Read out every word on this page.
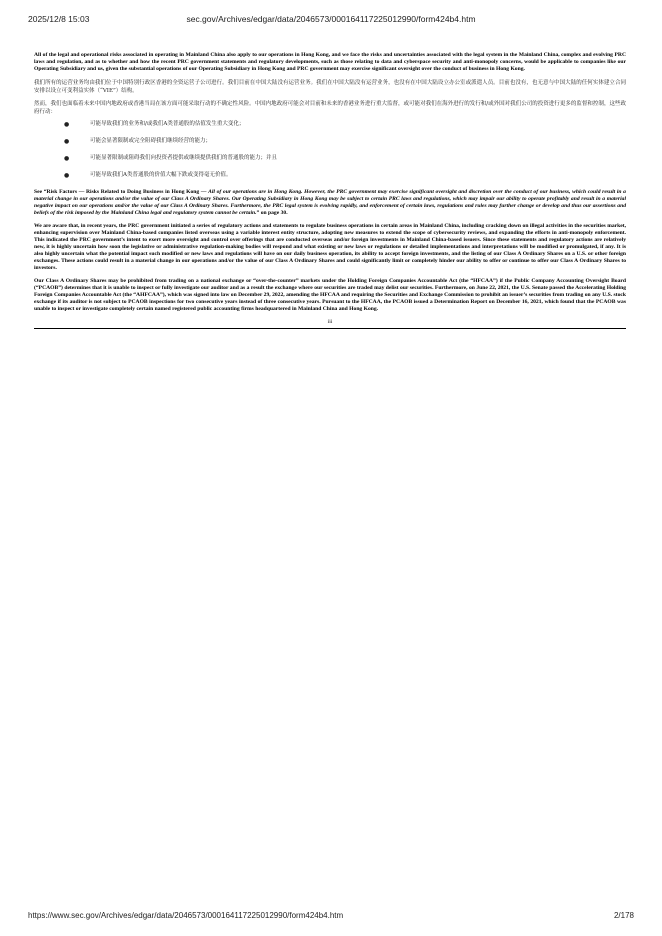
2025/12/8 15:03	sec.gov/Archives/edgar/data/2046573/000164117225012990/form424b4.htm

All of the legal and operational risks associated in operating in Mainland China also apply to our operations in Hong Kong, and we face the risks and uncertainties associated with the legal system in the Mainland China, complex and evolving PRC laws and regulation, and as to whether and how the recent PRC government statements and regulatory developments, such as those relating to data and cyberspace security and anti-monopoly concerns, would be applicable to companies like our Operating Subsidiary and us, given the substantial operations of our Operating Subsidiary in Hong Kong and PRC government may exercise significant oversight over the conduct of business in Hong Kong.

我们所有的运营业务均由我们位于中国特别行政区香港的全资运营子公司进行。我们目前在中国大陆没有运营业务。我们在中国大陆没有运营业务，也没有在中国大陆设立办公室或派遣人员。目前也没有，也无意与中国大陆的任何实体建立合同安排以设立可变利益实体（“VIE”）结构。

然而，我们也面临着未来中国内地政府或香港当局在该方面可能采取行动的不确定性风险。中国内地政府可能会对目前和未来的香港业务进行重大监督，或可能对我们在海外进行的发行和/或外国对我们公司的投资进行更多的监督和控制，这些政府行动：

●	可能导致我们的业务和/或我们A类普通股的估值发生重大变化；
●	可能会显著限制或完全阻碍我们继续经营的能力；
●	可能显著限制或阻碍我们向投资者提供或继续提供我们的普通股的能力；并且
●	可能导致我们A类普通股的价值大幅下跌或变得毫无价值。

See “Risk Factors — Risks Related to Doing Business in Hong Kong — All of our operations are in Hong Kong. However, the PRC government may exercise significant oversight and discretion over the conduct of our business, which could result in a material change in our operations and/or the value of our Class A Ordinary Shares. Our Operating Subsidiary in Hong Kong may be subject to certain PRC laws and regulations, which may impair our ability to operate profitably and result in a material negative impact on our operations and/or the value of our Class A Ordinary Shares. Furthermore, the PRC legal system is evolving rapidly, and enforcement of certain laws, regulations and rules may further change or develop and thus our assertions and beliefs of the risk imposed by the Mainland China legal and regulatory system cannot be certain.” on page 30.

We are aware that, in recent years, the PRC government initiated a series of regulatory actions and statements to regulate business operations in certain areas in Mainland China, including cracking down on illegal activities in the securities market, enhancing supervision over Mainland China-based companies listed overseas using a variable interest entity structure, adopting new measures to extend the scope of cybersecurity reviews, and expanding the efforts in anti-monopoly enforcement. This indicated the PRC government’s intent to exert more oversight and control over offerings that are conducted overseas and/or foreign investments in Mainland China-based issuers. Since these statements and regulatory actions are relatively new, it is highly uncertain how soon the legislative or administrative regulation-making bodies will respond and what existing or new laws or regulations or detailed implementations and interpretations will be modified or promulgated, if any. It is also highly uncertain what the potential impact such modified or new laws and regulations will have on our daily business operation, its ability to accept foreign investments, and the listing of our Class A Ordinary Shares on a U.S. or other foreign exchanges. These actions could result in a material change in our operations and/or the value of our Class A Ordinary Shares and could significantly limit or completely hinder our ability to offer or continue to offer our Class A Ordinary Shares to investors.

Our Class A Ordinary Shares may be prohibited from trading on a national exchange or “over-the-counter” markets under the Holding Foreign Companies Accountable Act (the “HFCAA”) if the Public Company Accounting Oversight Board (“PCAOB”) determines that it is unable to inspect or fully investigate our auditor and as a result the exchange where our securities are traded may delist our securities. Furthermore, on June 22, 2021, the U.S. Senate passed the Accelerating Holding Foreign Companies Accountable Act (the “AHFCAA”), which was signed into law on December 29, 2022, amending the HFCAA and requiring the Securities and Exchange Commission to prohibit an issuer’s securities from trading on any U.S. stock exchange if its auditor is not subject to PCAOB inspections for two consecutive years instead of three consecutive years. Pursuant to the HFCAA, the PCAOB issued a Determination Report on December 16, 2021, which found that the PCAOB was unable to inspect or investigate completely certain named registered public accounting firms headquartered in Mainland China and Hong Kong.

iii
https://www.sec.gov/Archives/edgar/data/2046573/000164117225012990/form424b4.htm	2/178
